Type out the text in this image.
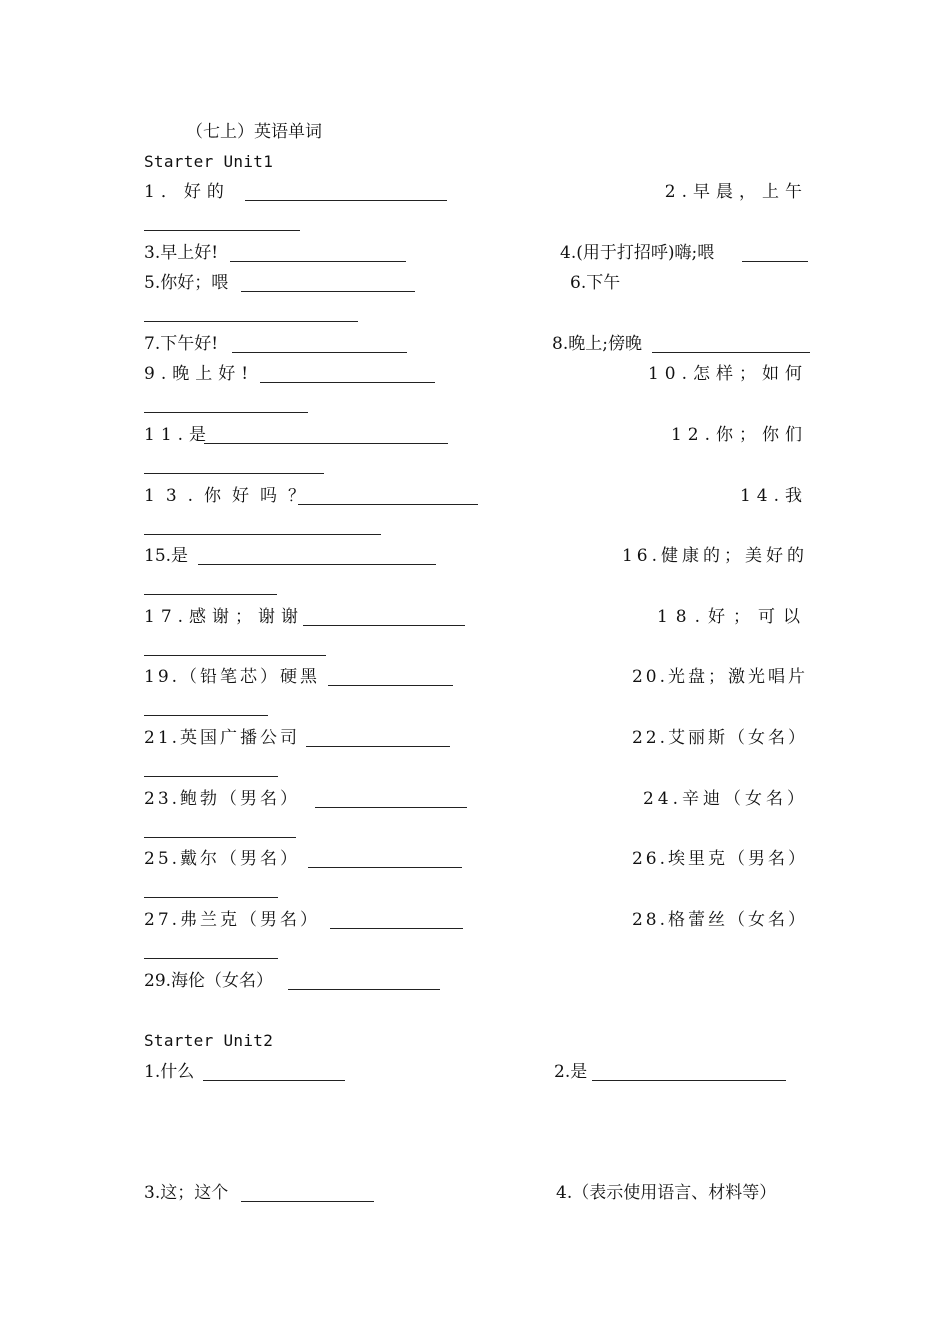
（七上）英语单词
Starter Unit1
1．好的	2.早晨，上午
3.早上好!	4.(用于打招呼)嗨;喂
5.你好；喂	6.下午
7.下午好!	8.晚上;傍晚
9.晚上好!	10.怎样；如何
11.是	12.你；你们
13.你好吗？	14.我
15.是	16.健康的；美好的
17.感谢；谢谢	18.好；可以
19.（铅笔芯）硬黑	20.光盘；激光唱片
21.英国广播公司	22.艾丽斯（女名）
23.鲍勃（男名）	24.辛迪（女名）
25.戴尔（男名）	26.埃里克（男名）
27.弗兰克（男名）	28.格蕾丝（女名）
29.海伦（女名）
Starter Unit2
1.什么	2.是
3.这；这个	4.（表示使用语言、材料等）
